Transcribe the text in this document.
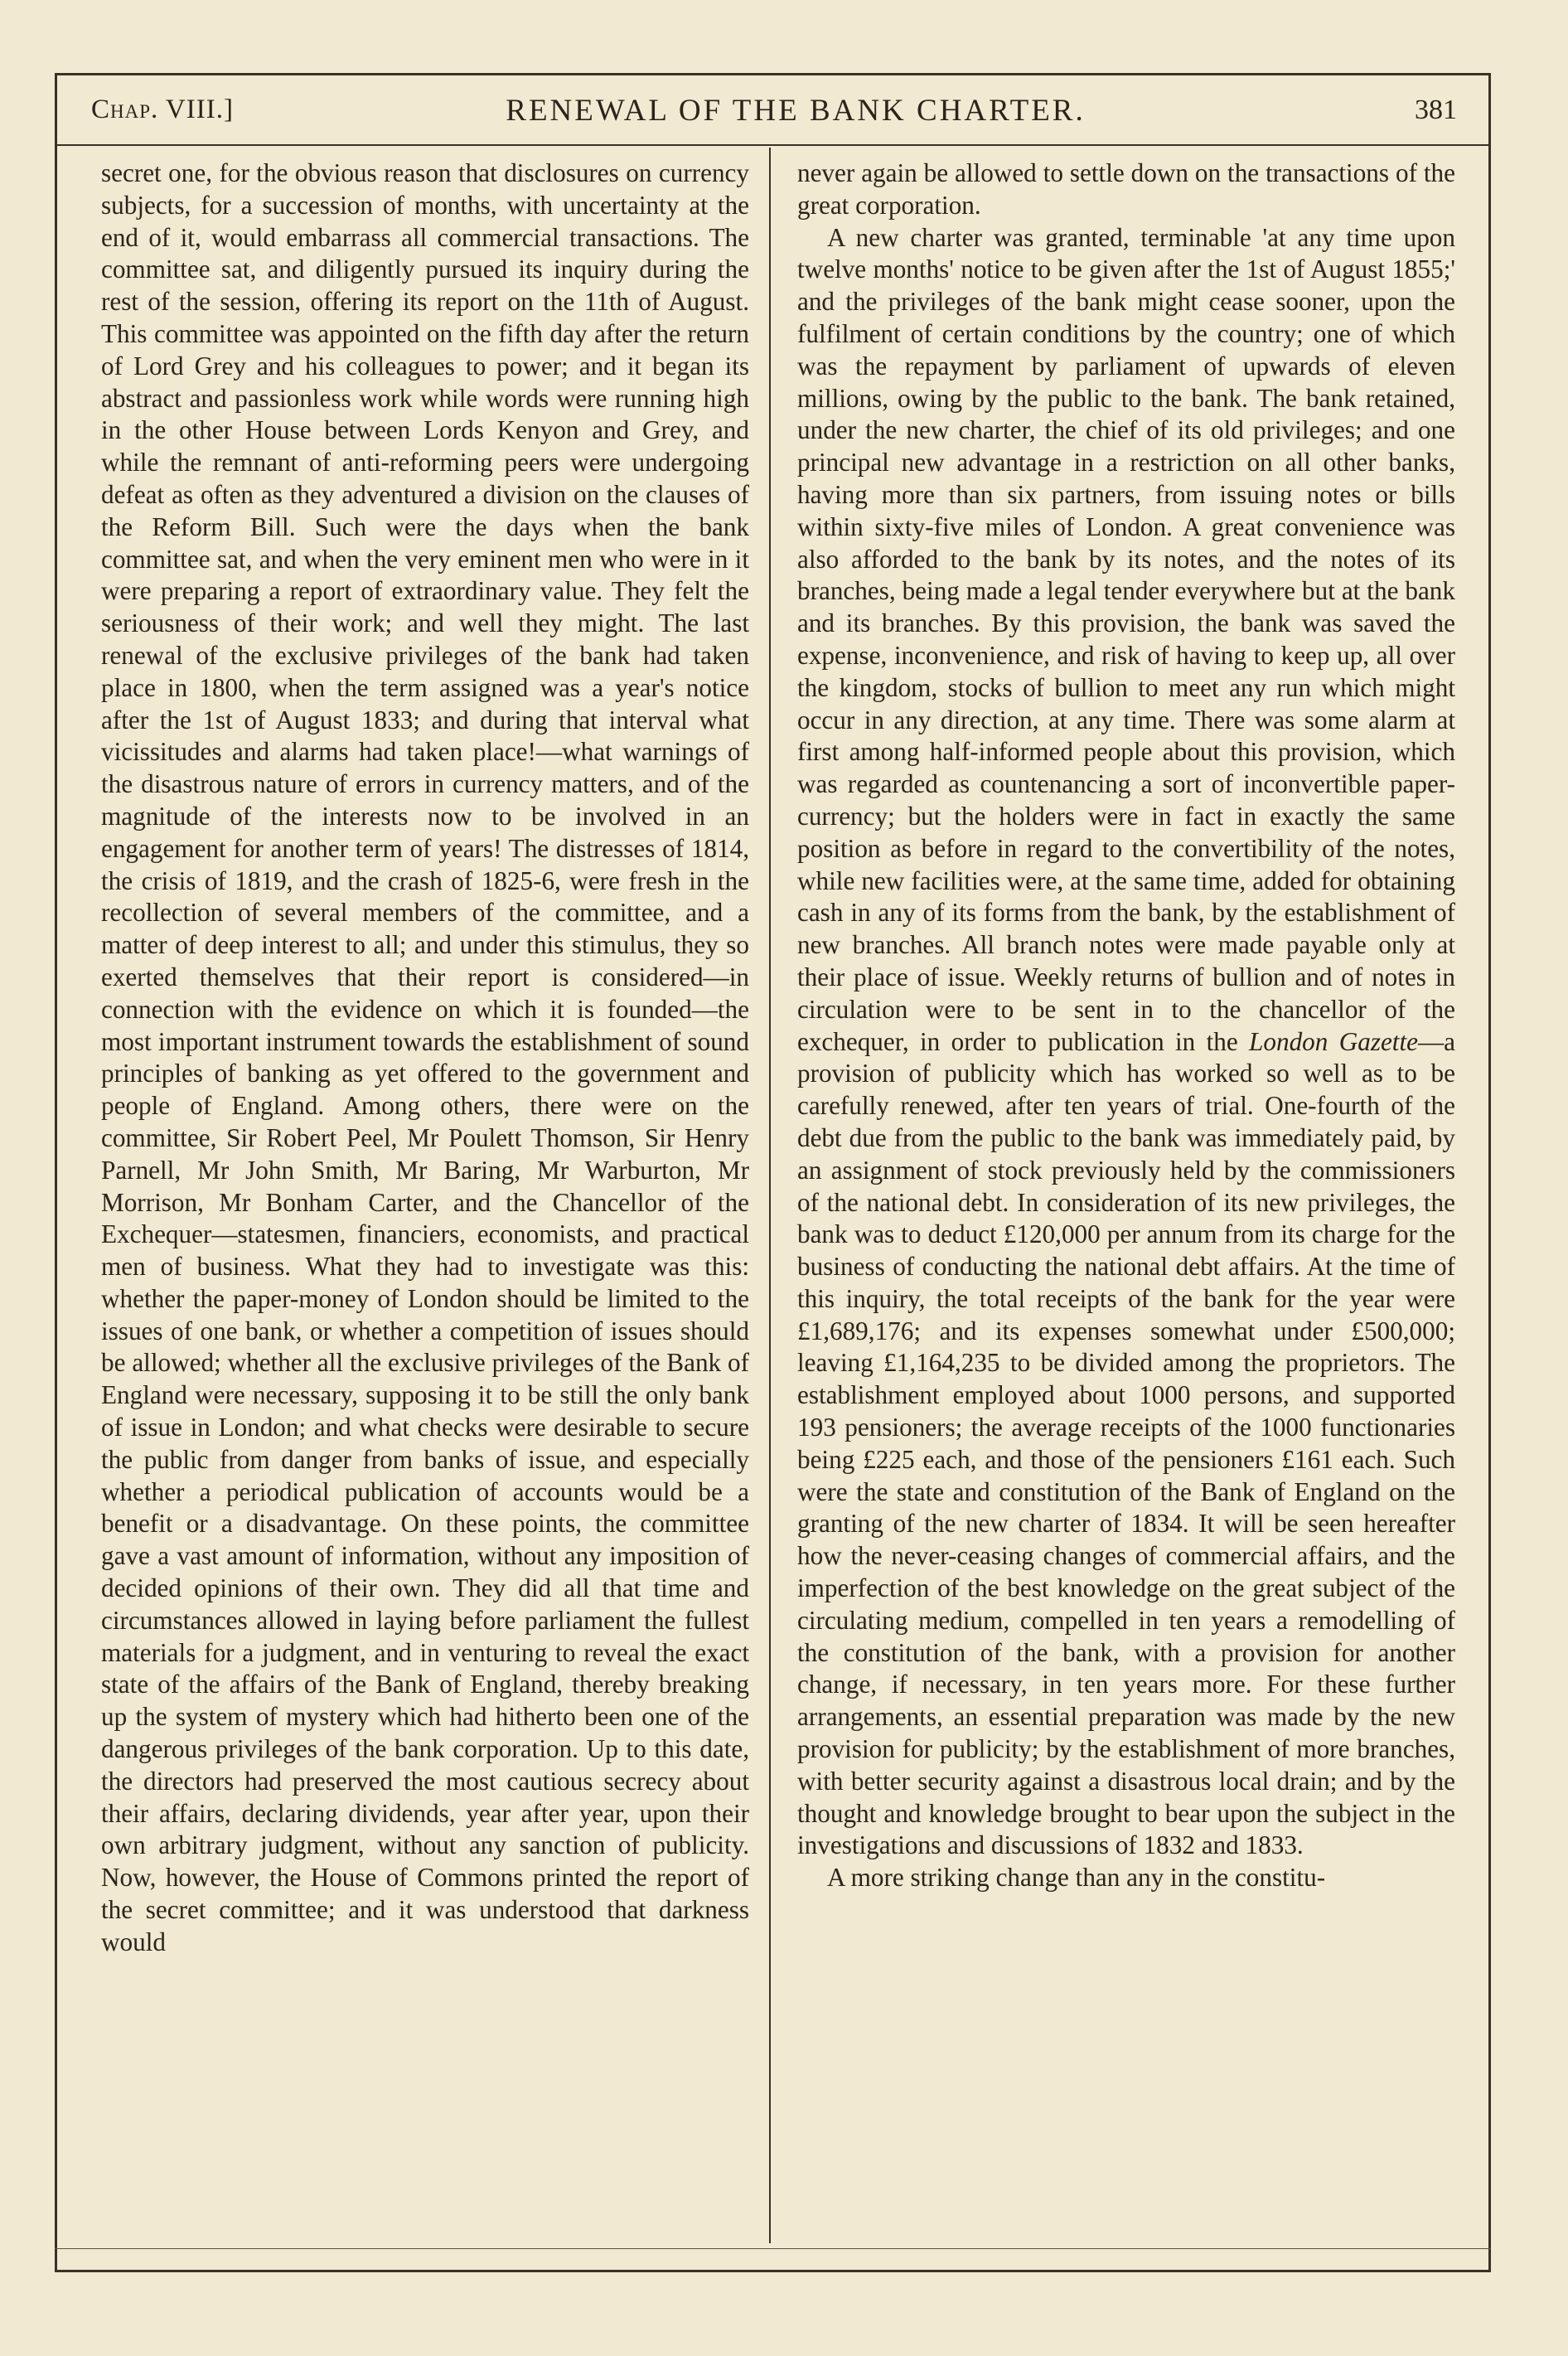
Chap. VIII.]	RENEWAL OF THE BANK CHARTER.	381

secret one, for the obvious reason that disclosures on currency subjects, for a succession of months, with uncertainty at the end of it, would embarrass all commercial transactions. The committee sat, and diligently pursued its inquiry during the rest of the session, offering its report on the 11th of August. This committee was appointed on the fifth day after the return of Lord Grey and his colleagues to power; and it began its abstract and passionless work while words were running high in the other House between Lords Kenyon and Grey, and while the remnant of anti-reforming peers were undergoing defeat as often as they adventured a division on the clauses of the Reform Bill. Such were the days when the bank committee sat, and when the very eminent men who were in it were preparing a report of extraordinary value. They felt the seriousness of their work; and well they might. The last renewal of the exclusive privileges of the bank had taken place in 1800, when the term assigned was a year's notice after the 1st of August 1833; and during that interval what vicissitudes and alarms had taken place!—what warnings of the disastrous nature of errors in currency matters, and of the magnitude of the interests now to be involved in an engagement for another term of years! The distresses of 1814, the crisis of 1819, and the crash of 1825-6, were fresh in the recollection of several members of the committee, and a matter of deep interest to all; and under this stimulus, they so exerted themselves that their report is considered—in connection with the evidence on which it is founded—the most important instrument towards the establishment of sound principles of banking as yet offered to the government and people of England. Among others, there were on the committee, Sir Robert Peel, Mr Poulett Thomson, Sir Henry Parnell, Mr John Smith, Mr Baring, Mr Warburton, Mr Morrison, Mr Bonham Carter, and the Chancellor of the Exchequer—statesmen, financiers, economists, and practical men of business. What they had to investigate was this: whether the paper-money of London should be limited to the issues of one bank, or whether a competition of issues should be allowed; whether all the exclusive privileges of the Bank of England were necessary, supposing it to be still the only bank of issue in London; and what checks were desirable to secure the public from danger from banks of issue, and especially whether a periodical publication of accounts would be a benefit or a disadvantage. On these points, the committee gave a vast amount of information, without any imposition of decided opinions of their own. They did all that time and circumstances allowed in laying before parliament the fullest materials for a judgment, and in venturing to reveal the exact state of the affairs of the Bank of England, thereby breaking up the system of mystery which had hitherto been one of the dangerous privileges of the bank corporation. Up to this date, the directors had preserved the most cautious secrecy about their affairs, declaring dividends, year after year, upon their own arbitrary judgment, without any sanction of publicity. Now, however, the House of Commons printed the report of the secret committee; and it was understood that darkness would

never again be allowed to settle down on the transactions of the great corporation.

A new charter was granted, terminable 'at any time upon twelve months' notice to be given after the 1st of August 1855;' and the privileges of the bank might cease sooner, upon the fulfilment of certain conditions by the country; one of which was the repayment by parliament of upwards of eleven millions, owing by the public to the bank. The bank retained, under the new charter, the chief of its old privileges; and one principal new advantage in a restriction on all other banks, having more than six partners, from issuing notes or bills within sixty-five miles of London. A great convenience was also afforded to the bank by its notes, and the notes of its branches, being made a legal tender everywhere but at the bank and its branches. By this provision, the bank was saved the expense, inconvenience, and risk of having to keep up, all over the kingdom, stocks of bullion to meet any run which might occur in any direction, at any time. There was some alarm at first among half-informed people about this provision, which was regarded as countenancing a sort of inconvertible paper-currency; but the holders were in fact in exactly the same position as before in regard to the convertibility of the notes, while new facilities were, at the same time, added for obtaining cash in any of its forms from the bank, by the establishment of new branches. All branch notes were made payable only at their place of issue. Weekly returns of bullion and of notes in circulation were to be sent in to the chancellor of the exchequer, in order to publication in the London Gazette—a provision of publicity which has worked so well as to be carefully renewed, after ten years of trial. One-fourth of the debt due from the public to the bank was immediately paid, by an assignment of stock previously held by the commissioners of the national debt. In consideration of its new privileges, the bank was to deduct £120,000 per annum from its charge for the business of conducting the national debt affairs. At the time of this inquiry, the total receipts of the bank for the year were £1,689,176; and its expenses somewhat under £500,000; leaving £1,164,235 to be divided among the proprietors. The establishment employed about 1000 persons, and supported 193 pensioners; the average receipts of the 1000 functionaries being £225 each, and those of the pensioners £161 each. Such were the state and constitution of the Bank of England on the granting of the new charter of 1834. It will be seen hereafter how the never-ceasing changes of commercial affairs, and the imperfection of the best knowledge on the great subject of the circulating medium, compelled in ten years a remodelling of the constitution of the bank, with a provision for another change, if necessary, in ten years more. For these further arrangements, an essential preparation was made by the new provision for publicity; by the establishment of more branches, with better security against a disastrous local drain; and by the thought and knowledge brought to bear upon the subject in the investigations and discussions of 1832 and 1833.

A more striking change than any in the constitu-
